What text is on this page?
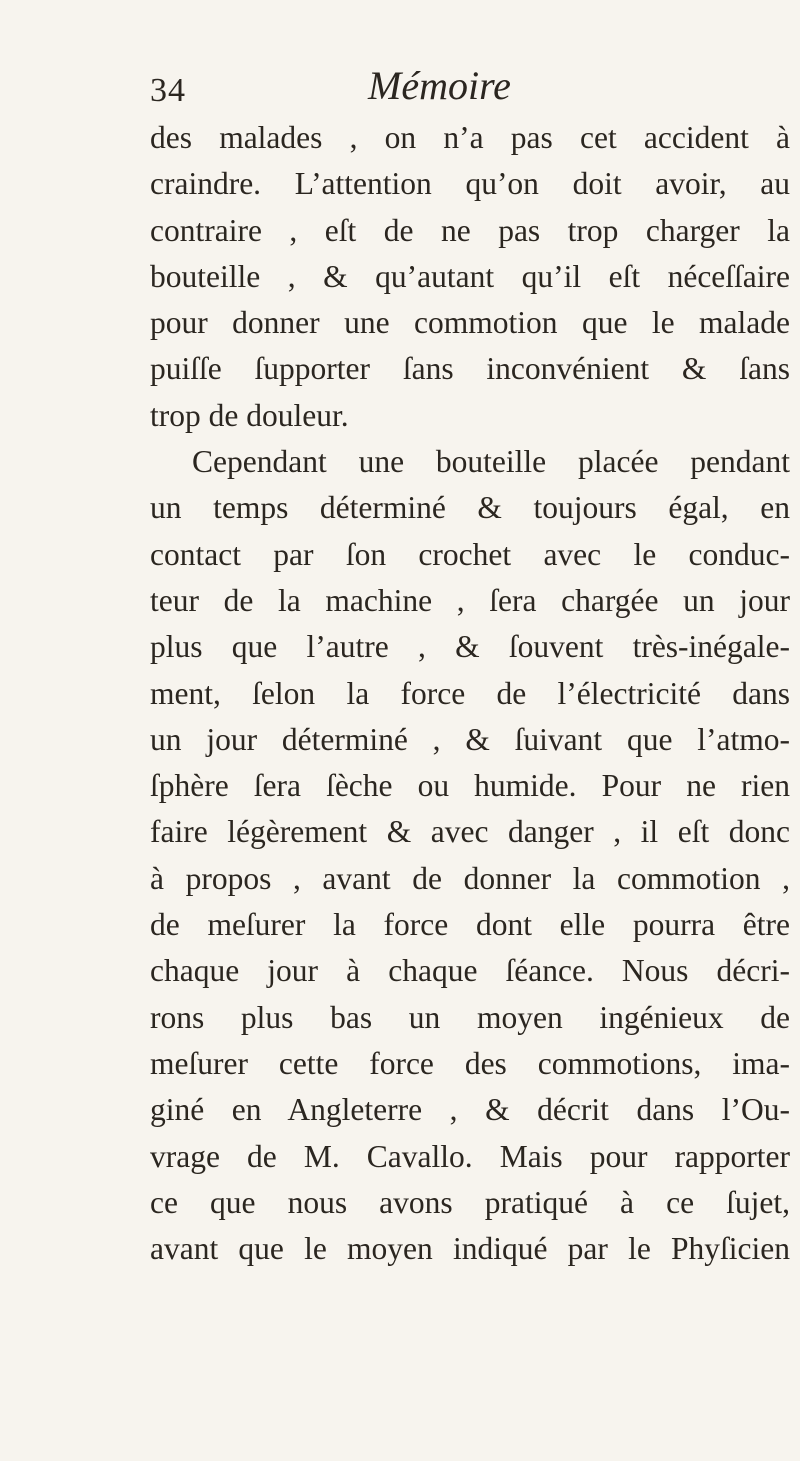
34	Mémoire
des malades , on n’a pas cet accident à
craindre. L’attention qu’on doit avoir, au
contraire , eſt de ne pas trop charger la
bouteille , & qu’autant qu’il eſt néceſſaire
pour donner une commotion que le malade
puiſſe ſupporter ſans inconvénient & ſans
trop de douleur.
Cependant une bouteille placée pendant
un temps déterminé & toujours égal, en
contact par ſon crochet avec le conduc-
teur de la machine , ſera chargée un jour
plus que l’autre , & ſouvent très-inégale-
ment, ſelon la force de l’électricité dans
un jour déterminé , & ſuivant que l’atmo-
ſphère ſera ſèche ou humide. Pour ne rien
faire légèrement & avec danger , il eſt donc
à propos , avant de donner la commotion ,
de meſurer la force dont elle pourra être
chaque jour à chaque ſéance. Nous décri-
rons plus bas un moyen ingénieux de
meſurer cette force des commotions, ima-
giné en Angleterre , & décrit dans l’Ou-
vrage de M. Cavallo. Mais pour rapporter
ce que nous avons pratiqué à ce ſujet,
avant que le moyen indiqué par le Phyſicien
